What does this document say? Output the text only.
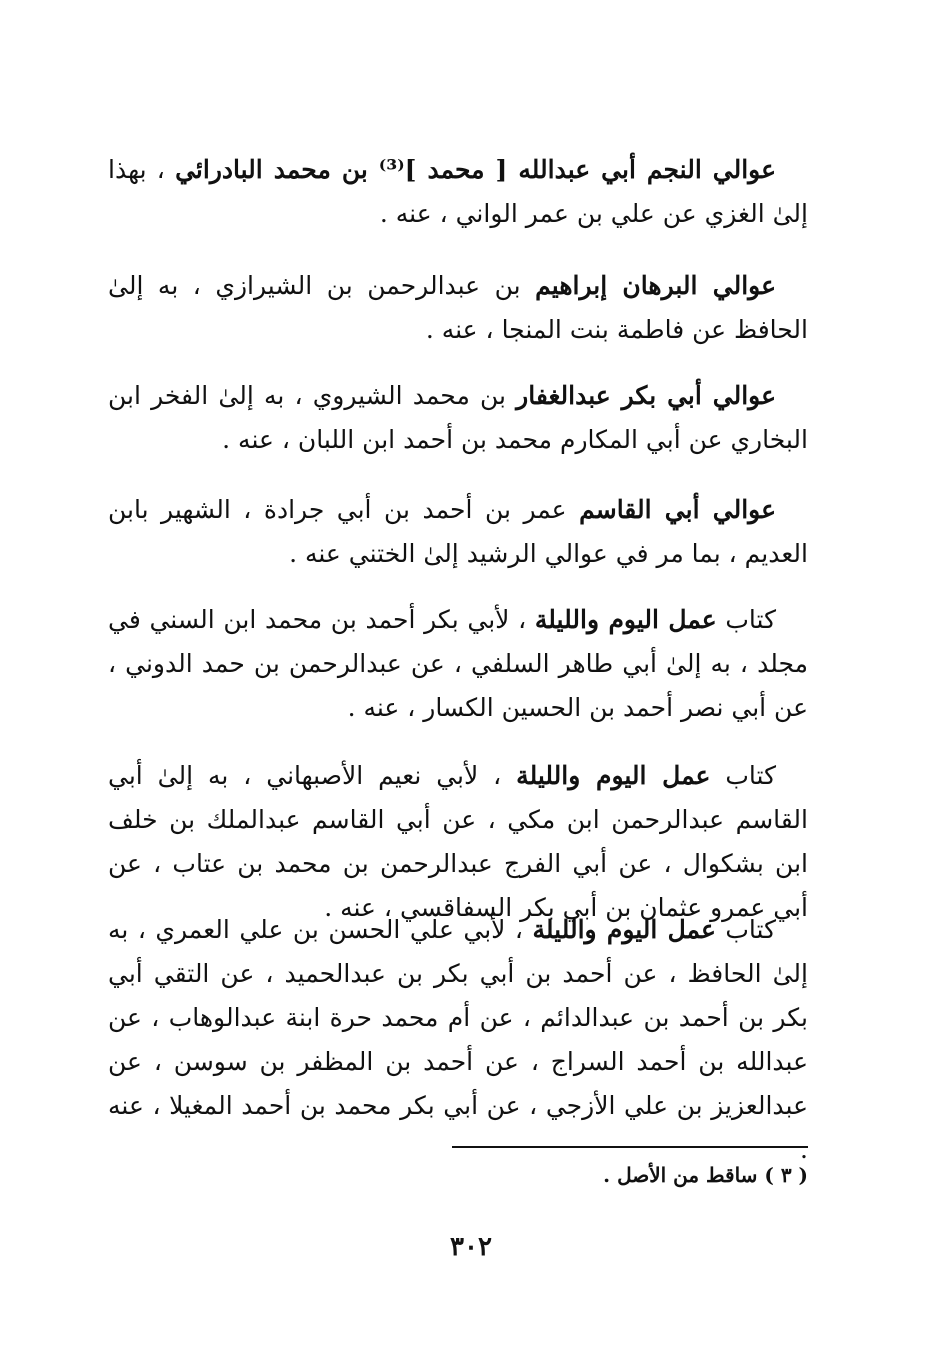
عوالي النجم أبي عبدالله [ محمد ]⁽³⁾ بن محمد البادرائي ، بهذا إلىٰ الغزي عن علي بن عمر الواني ، عنه .

عوالي البرهان إبراهيم بن عبدالرحمن بن الشيرازي ، به إلىٰ الحافظ عن فاطمة بنت المنجا ، عنه .

عوالي أبي بكر عبدالغفار بن محمد الشيروي ، به إلىٰ الفخر ابن البخاري عن أبي المكارم محمد بن أحمد ابن اللبان ، عنه .

عوالي أبي القاسم عمر بن أحمد بن أبي جرادة ، الشهير بابن العديم ، بما مر في عوالي الرشيد إلىٰ الختني عنه .

كتاب عمل اليوم والليلة ، لأبي بكر أحمد بن محمد ابن السني في مجلد ، به إلىٰ أبي طاهر السلفي ، عن عبدالرحمن بن حمد الدوني ، عن أبي نصر أحمد بن الحسين الكسار ، عنه .

كتاب عمل اليوم والليلة ، لأبي نعيم الأصبهاني ، به إلىٰ أبي القاسم عبدالرحمن ابن مكي ، عن أبي القاسم عبدالملك بن خلف ابن بشكوال ، عن أبي الفرج عبدالرحمن بن محمد بن عتاب ، عن أبي عمرو عثمان بن أبي بكر السفاقسي ، عنه .

كتاب عمل اليوم والليلة ، لأبي علي الحسن بن علي العمري ، به إلىٰ الحافظ ، عن أحمد بن أبي بكر بن عبدالحميد ، عن التقي أبي بكر بن أحمد بن عبدالدائم ، عن أم محمد حرة ابنة عبدالوهاب ، عن عبدالله بن أحمد السراج ، عن أحمد بن المظفر بن سوسن ، عن عبدالعزيز بن علي الأزجي ، عن أبي بكر محمد بن أحمد المغيلا ، عنه .

( ٣ ) ساقط من الأصل .
٣٠٢
